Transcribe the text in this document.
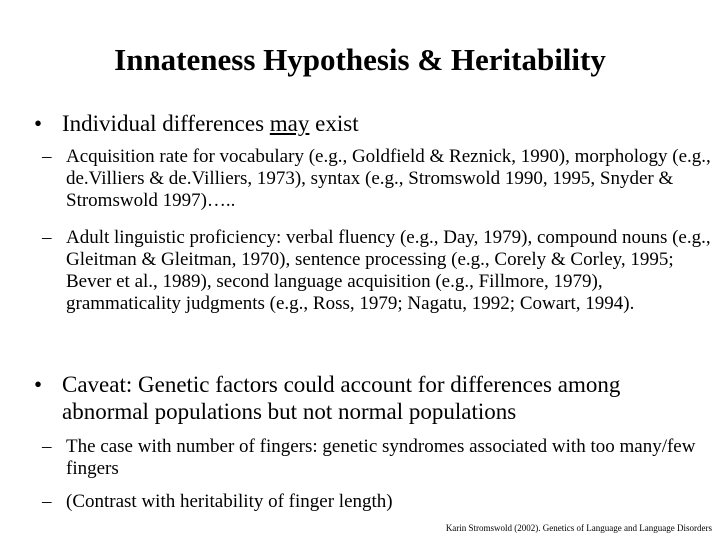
Innateness Hypothesis & Heritability
• Individual differences may exist
– Acquisition rate for vocabulary (e.g., Goldfield & Reznick, 1990), morphology (e.g., de.Villiers & de.Villiers, 1973), syntax (e.g., Stromswold 1990, 1995, Snyder & Stromswold 1997)…..
– Adult linguistic proficiency: verbal fluency (e.g., Day, 1979), compound nouns (e.g., Gleitman & Gleitman, 1970), sentence processing (e.g., Corely & Corley, 1995; Bever et al., 1989), second language acquisition (e.g., Fillmore, 1979), grammaticality judgments (e.g., Ross, 1979; Nagatu, 1992; Cowart, 1994).
• Caveat: Genetic factors could account for differences among abnormal populations but not normal populations
– The case with number of fingers: genetic syndromes associated with too many/few fingers
– (Contrast with heritability of finger length)
Karin Stromswold (2002). Genetics of Language and Language Disorders
